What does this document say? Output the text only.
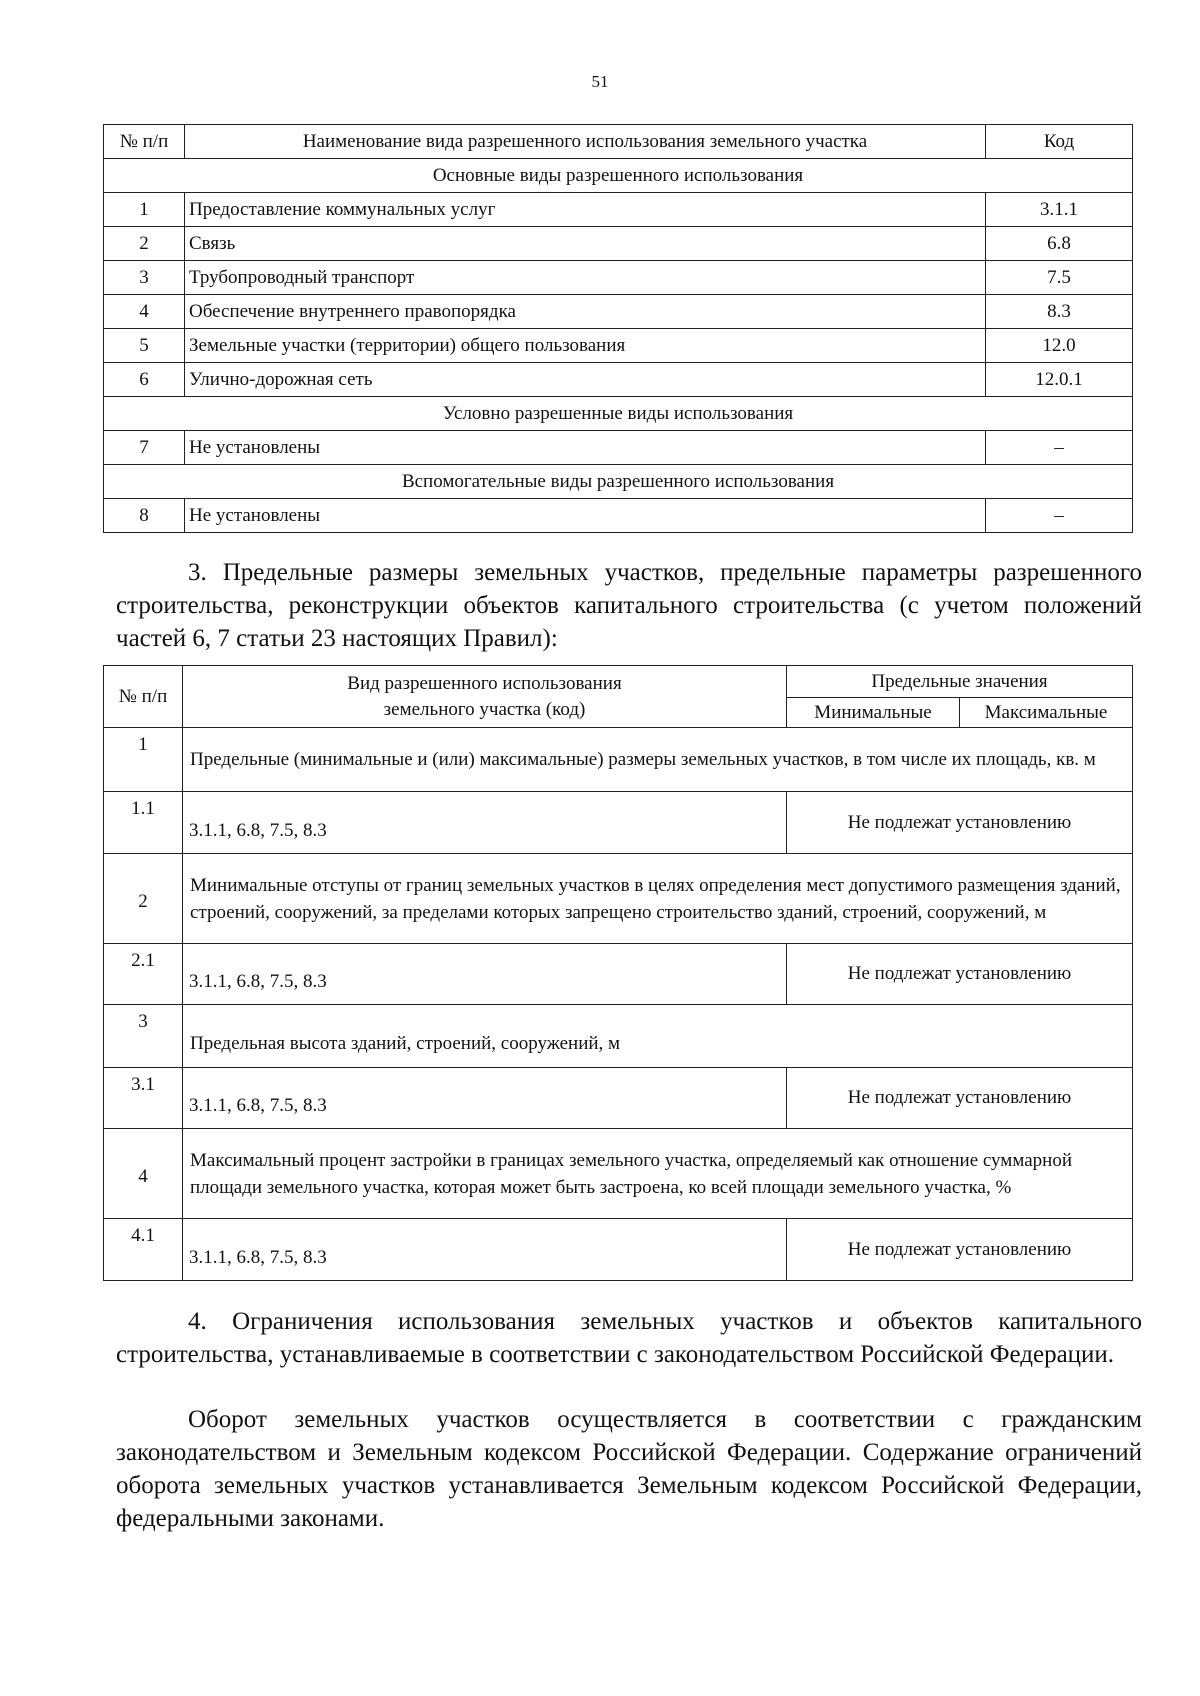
51
№ п/п	Наименование вида разрешенного использования земельного участка	Код
Основные виды разрешенного использования		
1	Предоставление коммунальных услуг	3.1.1
2	Связь	6.8
3	Трубопроводный транспорт	7.5
4	Обеспечение внутреннего правопорядка	8.3
5	Земельные участки (территории) общего пользования	12.0
6	Улично-дорожная сеть	12.0.1
Условно разрешенные виды использования		
7	Не установлены	–
Вспомогательные виды разрешенного использования		
8	Не установлены	–

3. Предельные размеры земельных участков, предельные параметры разрешенного строительства, реконструкции объектов капитального строительства (с учетом положений частей 6, 7 статьи 23 настоящих Правил):

№ п/п	Вид разрешенного использования земельного участка (код)	Предельные значения	
		Минимальные	Максимальные
1	Предельные (минимальные и (или) максимальные) размеры земельных участков, в том числе их площадь, кв. м		
1.1	3.1.1, 6.8, 7.5, 8.3	Не подлежат установлению	
2	Минимальные отступы от границ земельных участков в целях определения мест допустимого размещения зданий, строений, сооружений, за пределами которых запрещено строительство зданий, строений, сооружений, м		
2.1	3.1.1, 6.8, 7.5, 8.3	Не подлежат установлению	
3	Предельная высота зданий, строений, сооружений, м		
3.1	3.1.1, 6.8, 7.5, 8.3	Не подлежат установлению	
4	Максимальный процент застройки в границах земельного участка, определяемый как отношение суммарной площади земельного участка, которая может быть застроена, ко всей площади земельного участка, %		
4.1	3.1.1, 6.8, 7.5, 8.3	Не подлежат установлению	

4. Ограничения использования земельных участков и объектов капитального строительства, устанавливаемые в соответствии с законодательством Российской Федерации.

Оборот земельных участков осуществляется в соответствии с гражданским законодательством и Земельным кодексом Российской Федерации. Содержание ограничений оборота земельных участков устанавливается Земельным кодексом Российской Федерации, федеральными законами.
